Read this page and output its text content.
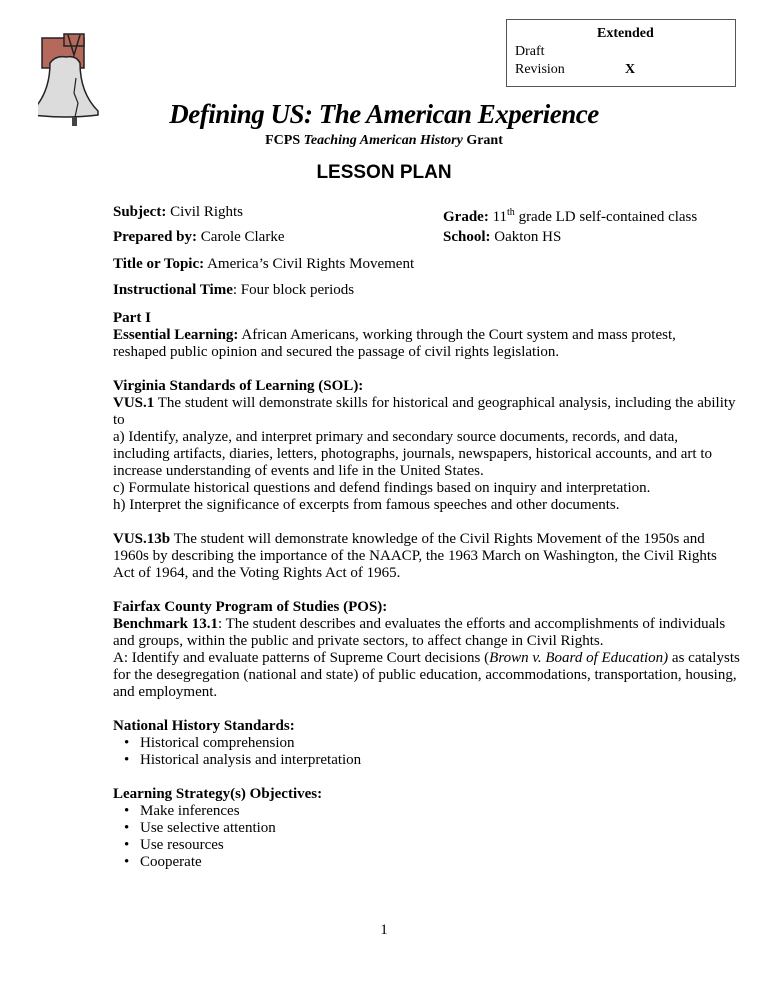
Extended
Draft
Revision	X
Defining US: The American Experience
FCPS Teaching American History Grant
LESSON PLAN
Subject: Civil Rights	Grade: 11th grade LD self-contained class
Prepared by: Carole Clarke	School: Oakton HS
Title or Topic: America’s Civil Rights Movement
Instructional Time: Four block periods
Part I
Essential Learning: African Americans, working through the Court system and mass protest,
reshaped public opinion and secured the passage of civil rights legislation.
Virginia Standards of Learning (SOL):
VUS.1 The student will demonstrate skills for historical and geographical analysis, including the ability
to
a) Identify, analyze, and interpret primary and secondary source documents, records, and data,
including artifacts, diaries, letters, photographs, journals, newspapers, historical accounts, and art to
increase understanding of events and life in the United States.
c) Formulate historical questions and defend findings based on inquiry and interpretation.
h) Interpret the significance of excerpts from famous speeches and other documents.
VUS.13b The student will demonstrate knowledge of the Civil Rights Movement of the 1950s and
1960s by describing the importance of the NAACP, the 1963 March on Washington, the Civil Rights
Act of 1964, and the Voting Rights Act of 1965.
Fairfax County Program of Studies (POS):
Benchmark 13.1: The student describes and evaluates the efforts and accomplishments of individuals
and groups, within the public and private sectors, to affect change in Civil Rights.
A: Identify and evaluate patterns of Supreme Court decisions (Brown v. Board of Education) as catalysts
for the desegregation (national and state) of public education, accommodations, transportation, housing,
and employment.
National History Standards:
• Historical comprehension
• Historical analysis and interpretation
Learning Strategy(s) Objectives:
• Make inferences
• Use selective attention
• Use resources
• Cooperate
1
